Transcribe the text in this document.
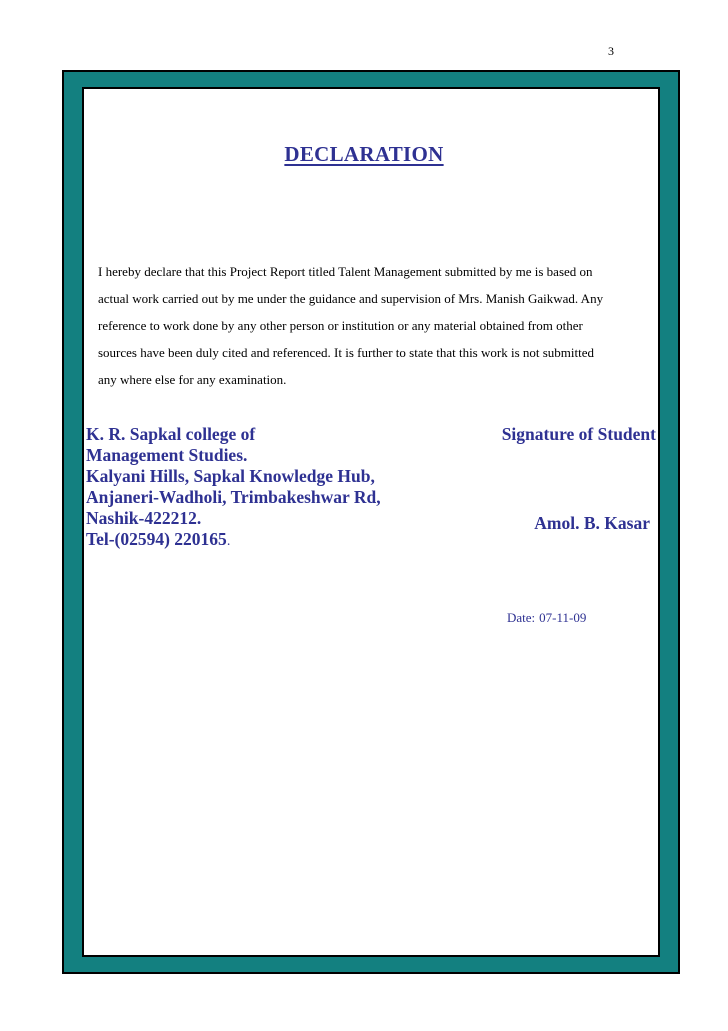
3
DECLARATION
I hereby declare that this Project Report titled Talent Management submitted by me is based on
actual work carried out by me under the guidance and supervision of Mrs. Manish Gaikwad. Any
reference to work done by any other person or institution or any material obtained from other
sources have been duly cited and referenced. It is further to state that this work is not submitted
any where else for any examination.
K. R. Sapkal college of
Management Studies.
Kalyani Hills, Sapkal Knowledge Hub,
Anjaneri-Wadholi, Trimbakeshwar Rd,
Nashik-422212.
Tel-(02594) 220165.
Signature of Student
Amol. B. Kasar
Date: 07-11-09
